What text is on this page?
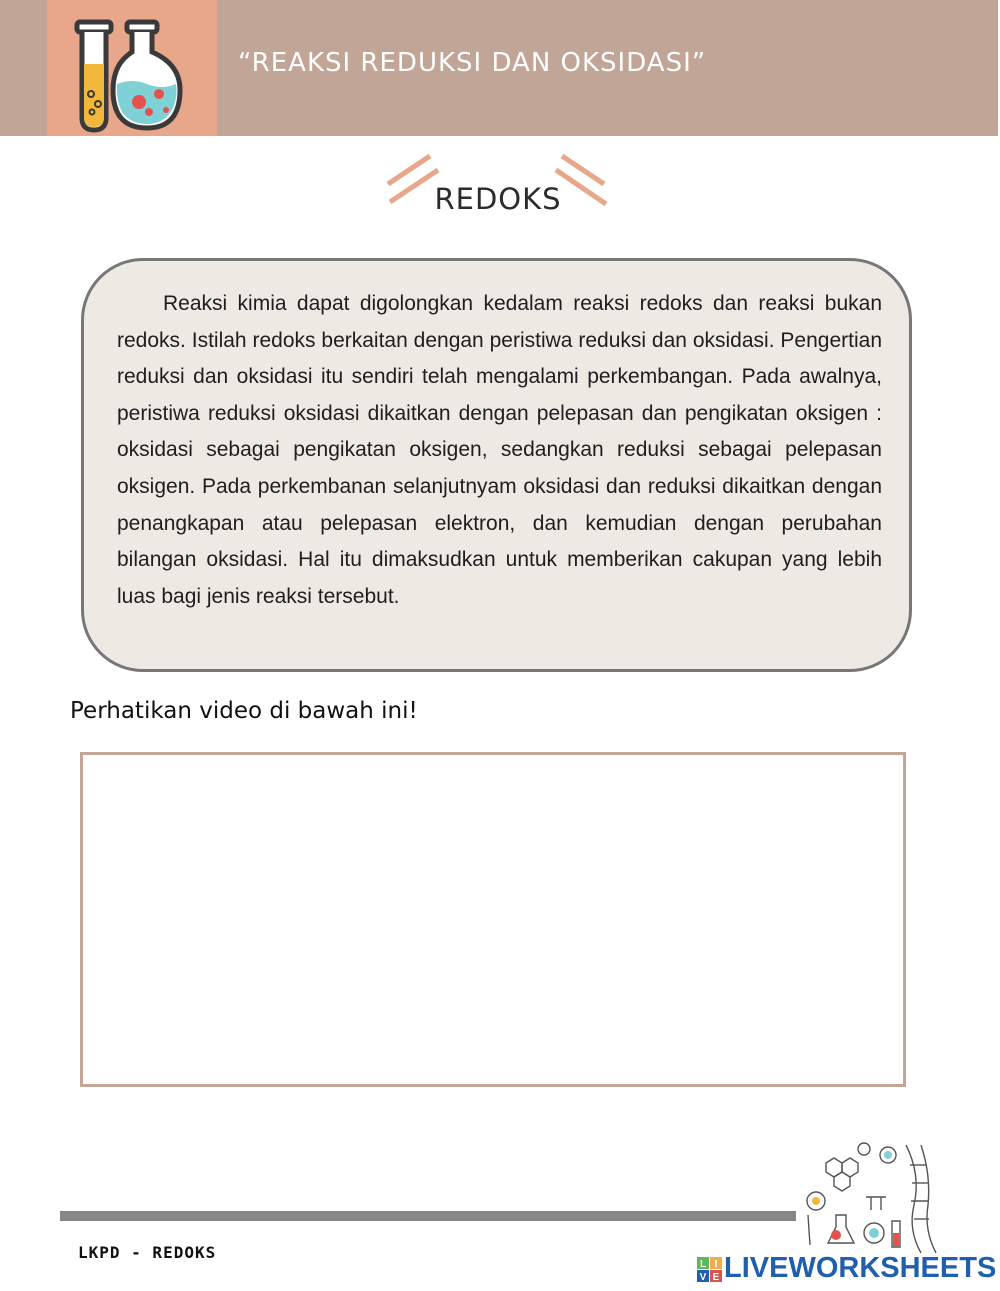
“REAKSI REDUKSI DAN OKSIDASI”
REDOKS

Reaksi kimia dapat digolongkan kedalam reaksi redoks dan reaksi bukan redoks. Istilah redoks berkaitan dengan peristiwa reduksi dan oksidasi. Pengertian reduksi dan oksidasi itu sendiri telah mengalami perkembangan. Pada awalnya, peristiwa reduksi oksidasi dikaitkan dengan pelepasan dan pengikatan oksigen : oksidasi sebagai pengikatan oksigen, sedangkan reduksi sebagai pelepasan oksigen. Pada perkembanan selanjutnyam oksidasi dan reduksi dikaitkan dengan penangkapan atau pelepasan elektron, dan kemudian dengan perubahan bilangan oksidasi. Hal itu dimaksudkan untuk memberikan cakupan yang lebih luas bagi jenis reaksi tersebut.

Perhatikan video di bawah ini!
LKPD - REDOKS
L I
V E LIVEWORKSHEETS
